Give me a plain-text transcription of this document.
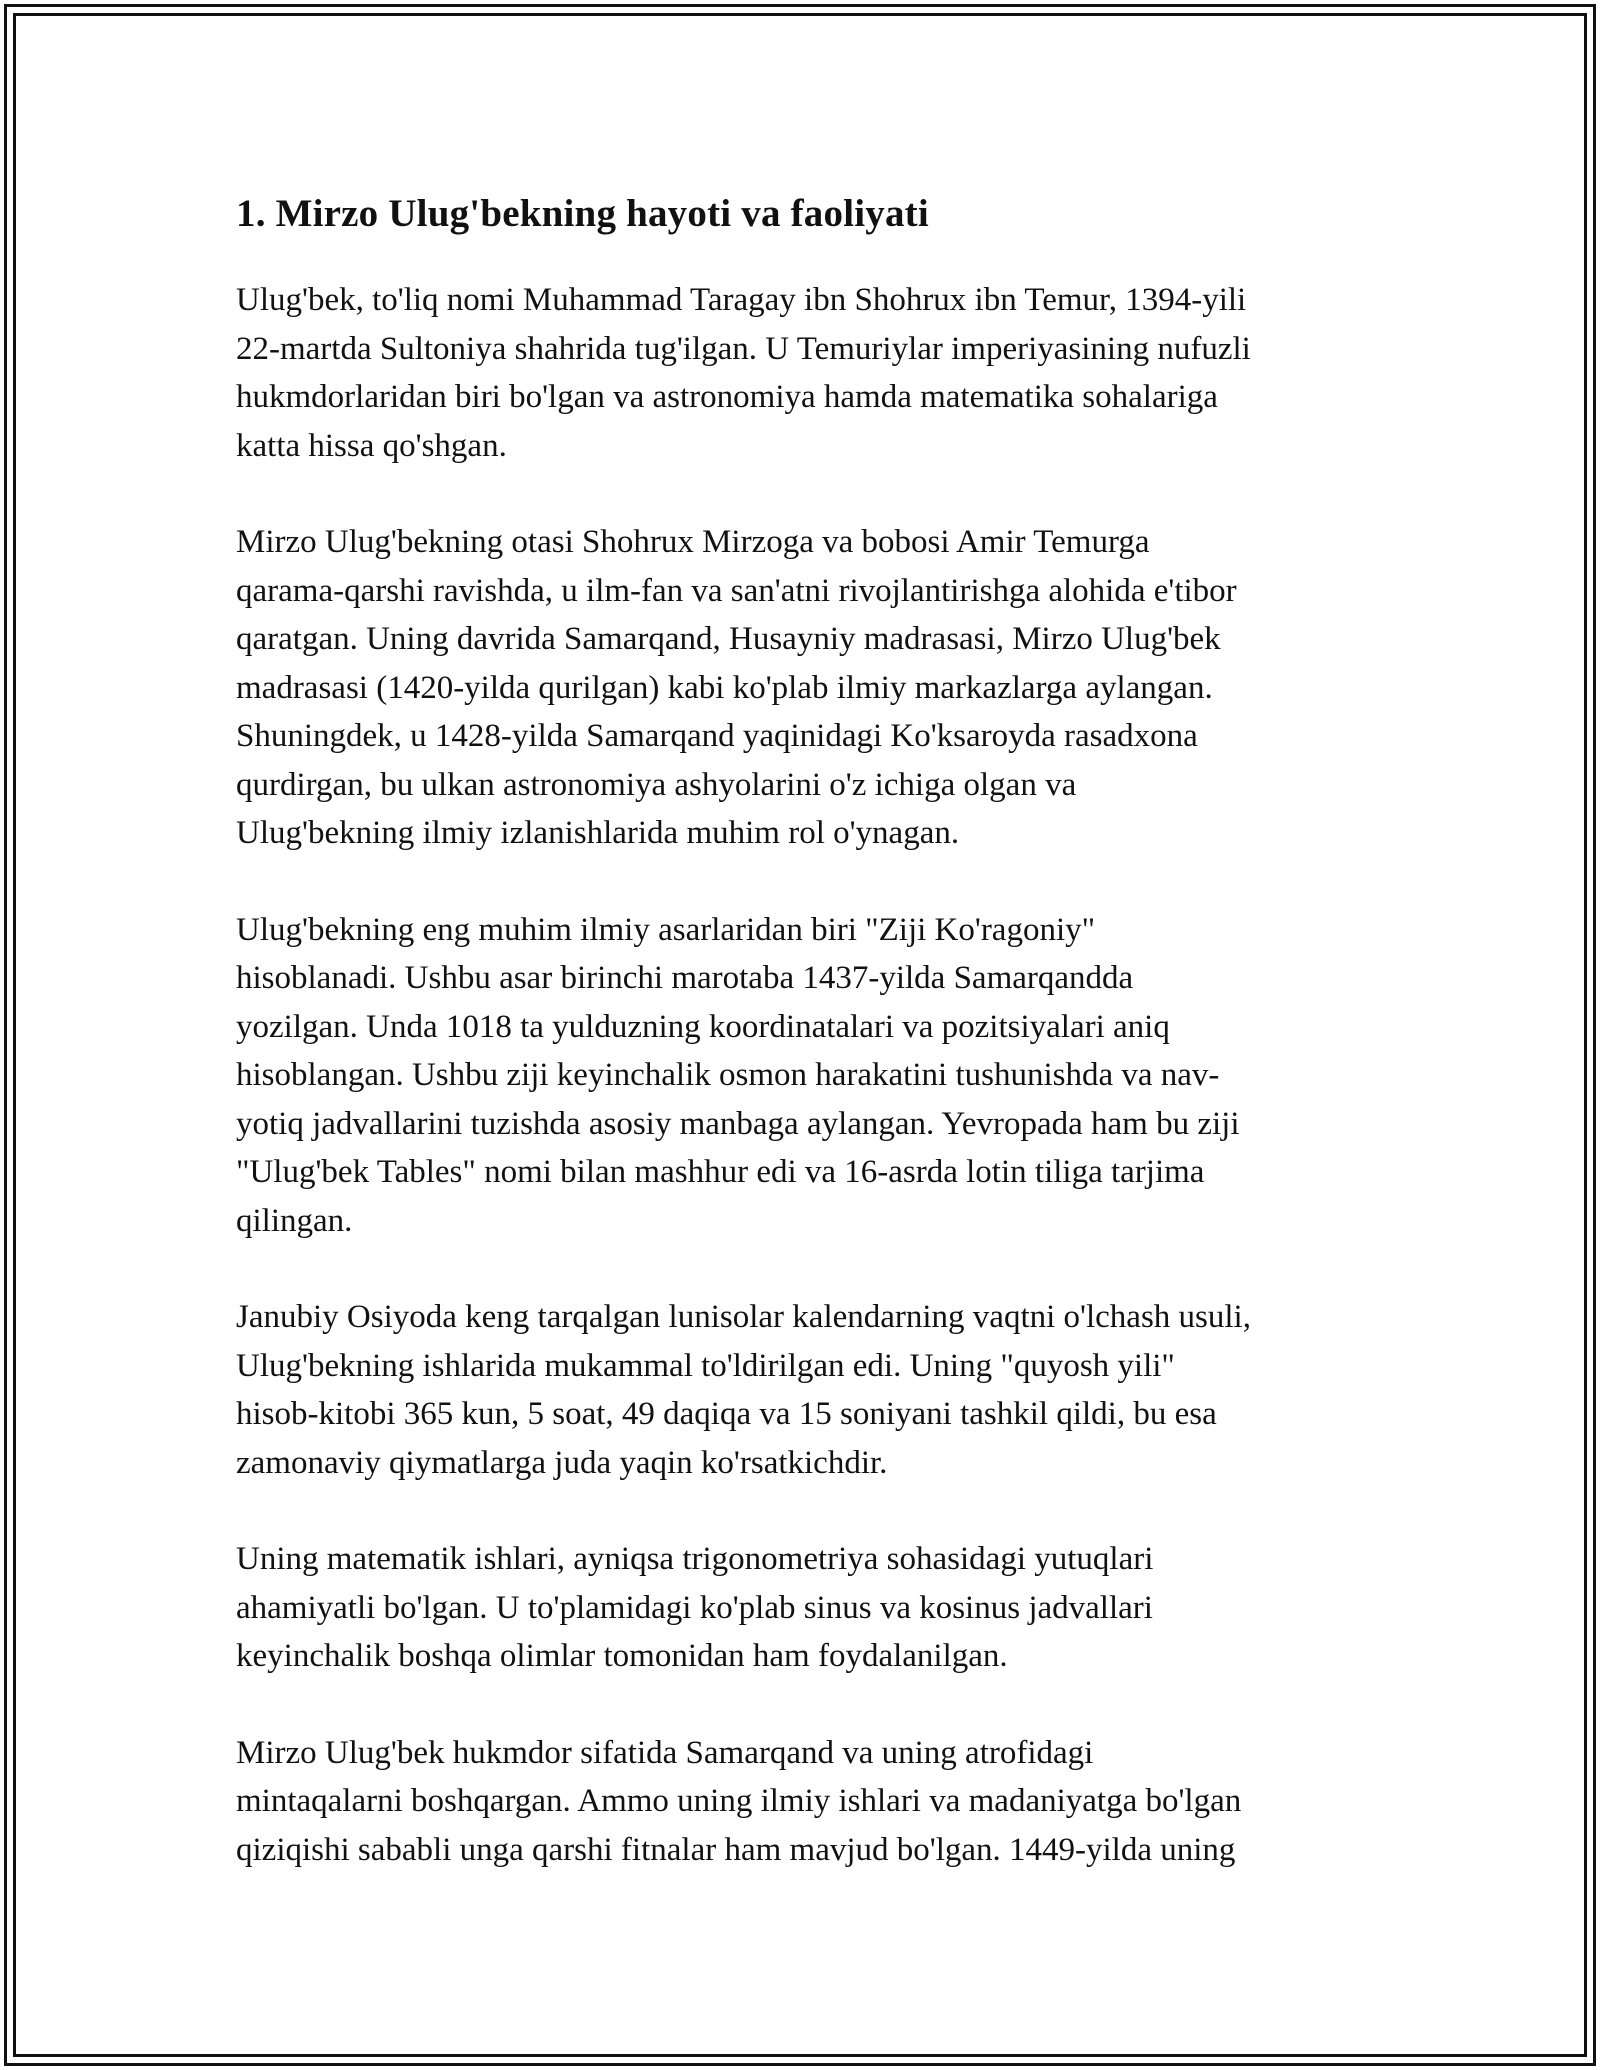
1. Mirzo Ulug'bekning hayoti va faoliyati

Ulug'bek, to'liq nomi Muhammad Taragay ibn Shohrux ibn Temur, 1394-yili
22-martda Sultoniya shahrida tug'ilgan. U Temuriylar imperiyasining nufuzli
hukmdorlaridan biri bo'lgan va astronomiya hamda matematika sohalariga
katta hissa qo'shgan.

Mirzo Ulug'bekning otasi Shohrux Mirzoga va bobosi Amir Temurga
qarama-qarshi ravishda, u ilm-fan va san'atni rivojlantirishga alohida e'tibor
qaratgan. Uning davrida Samarqand, Husayniy madrasasi, Mirzo Ulug'bek
madrasasi (1420-yilda qurilgan) kabi ko'plab ilmiy markazlarga aylangan.
Shuningdek, u 1428-yilda Samarqand yaqinidagi Ko'ksaroyda rasadxona
qurdirgan, bu ulkan astronomiya ashyolarini o'z ichiga olgan va
Ulug'bekning ilmiy izlanishlarida muhim rol o'ynagan.

Ulug'bekning eng muhim ilmiy asarlaridan biri "Ziji Ko'ragoniy"
hisoblanadi. Ushbu asar birinchi marotaba 1437-yilda Samarqandda
yozilgan. Unda 1018 ta yulduzning koordinatalari va pozitsiyalari aniq
hisoblangan. Ushbu ziji keyinchalik osmon harakatini tushunishda va nav-
yotiq jadvallarini tuzishda asosiy manbaga aylangan. Yevropada ham bu ziji
"Ulug'bek Tables" nomi bilan mashhur edi va 16-asrda lotin tiliga tarjima
qilingan.

Janubiy Osiyoda keng tarqalgan lunisolar kalendarning vaqtni o'lchash usuli,
Ulug'bekning ishlarida mukammal to'ldirilgan edi. Uning "quyosh yili"
hisob-kitobi 365 kun, 5 soat, 49 daqiqa va 15 soniyani tashkil qildi, bu esa
zamonaviy qiymatlarga juda yaqin ko'rsatkichdir.

Uning matematik ishlari, ayniqsa trigonometriya sohasidagi yutuqlari
ahamiyatli bo'lgan. U to'plamidagi ko'plab sinus va kosinus jadvallari
keyinchalik boshqa olimlar tomonidan ham foydalanilgan.

Mirzo Ulug'bek hukmdor sifatida Samarqand va uning atrofidagi
mintaqalarni boshqargan. Ammo uning ilmiy ishlari va madaniyatga bo'lgan
qiziqishi sababli unga qarshi fitnalar ham mavjud bo'lgan. 1449-yilda uning
